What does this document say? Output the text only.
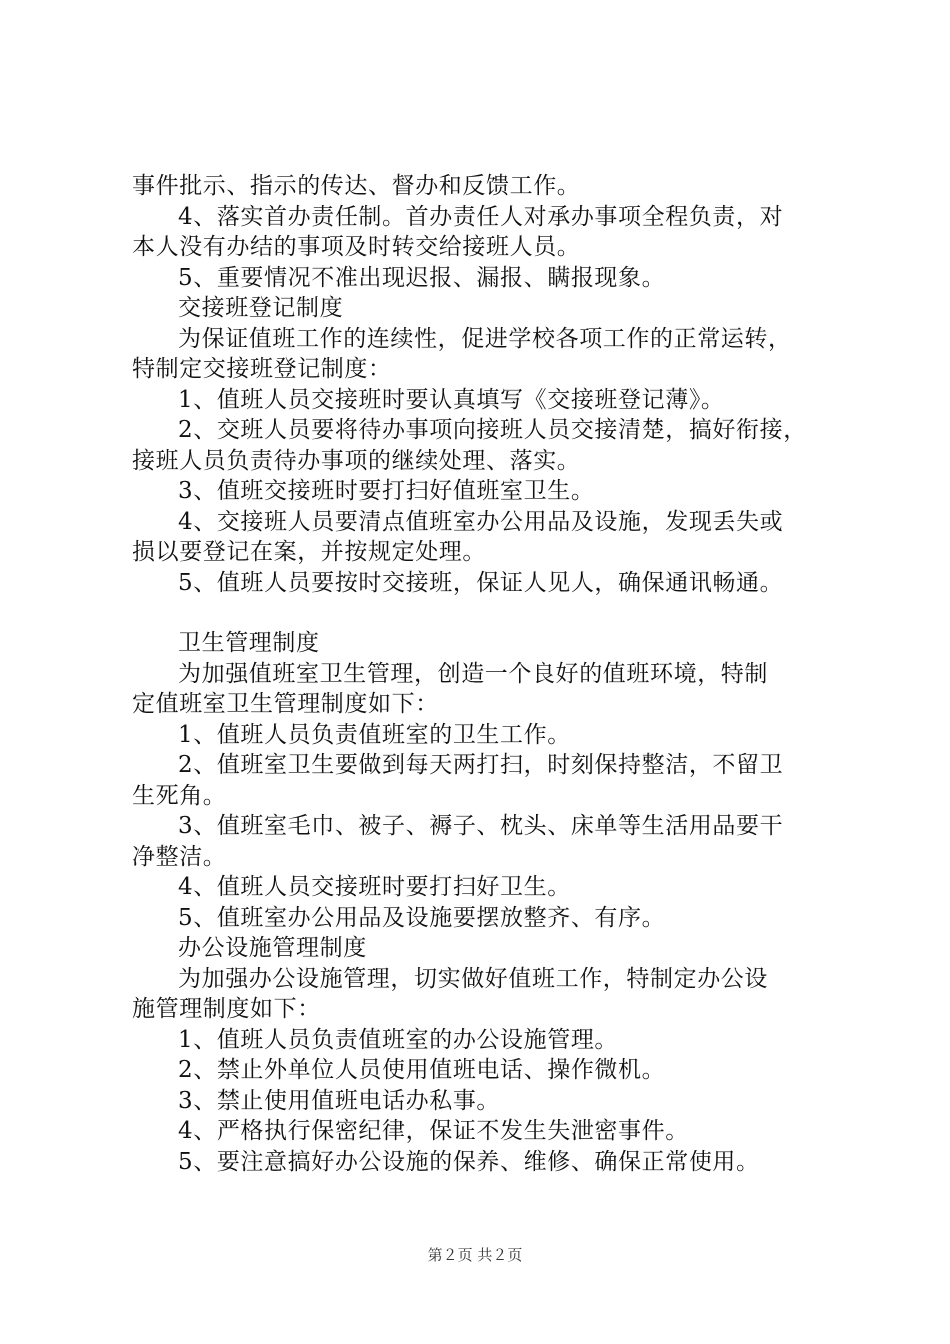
事件批示、指示的传达、督办和反馈工作。
4、落实首办责任制。首办责任人对承办事项全程负责，对
本人没有办结的事项及时转交给接班人员。
5、重要情况不准出现迟报、漏报、瞒报现象。
交接班登记制度
为保证值班工作的连续性，促进学校各项工作的正常运转，
特制定交接班登记制度：
1、值班人员交接班时要认真填写《交接班登记薄》。
2、交班人员要将待办事项向接班人员交接清楚，搞好衔接，
接班人员负责待办事项的继续处理、落实。
3、值班交接班时要打扫好值班室卫生。
4、交接班人员要清点值班室办公用品及设施，发现丢失或
损以要登记在案，并按规定处理。
5、值班人员要按时交接班，保证人见人，确保通讯畅通。
卫生管理制度
为加强值班室卫生管理，创造一个良好的值班环境，特制
定值班室卫生管理制度如下：
1、值班人员负责值班室的卫生工作。
2、值班室卫生要做到每天两打扫，时刻保持整洁，不留卫
生死角。
3、值班室毛巾、被子、褥子、枕头、床单等生活用品要干
净整洁。
4、值班人员交接班时要打扫好卫生。
5、值班室办公用品及设施要摆放整齐、有序。
办公设施管理制度
为加强办公设施管理，切实做好值班工作，特制定办公设
施管理制度如下：
1、值班人员负责值班室的办公设施管理。
2、禁止外单位人员使用值班电话、操作微机。
3、禁止使用值班电话办私事。
4、严格执行保密纪律，保证不发生失泄密事件。
5、要注意搞好办公设施的保养、维修、确保正常使用。
第２页 共２页
